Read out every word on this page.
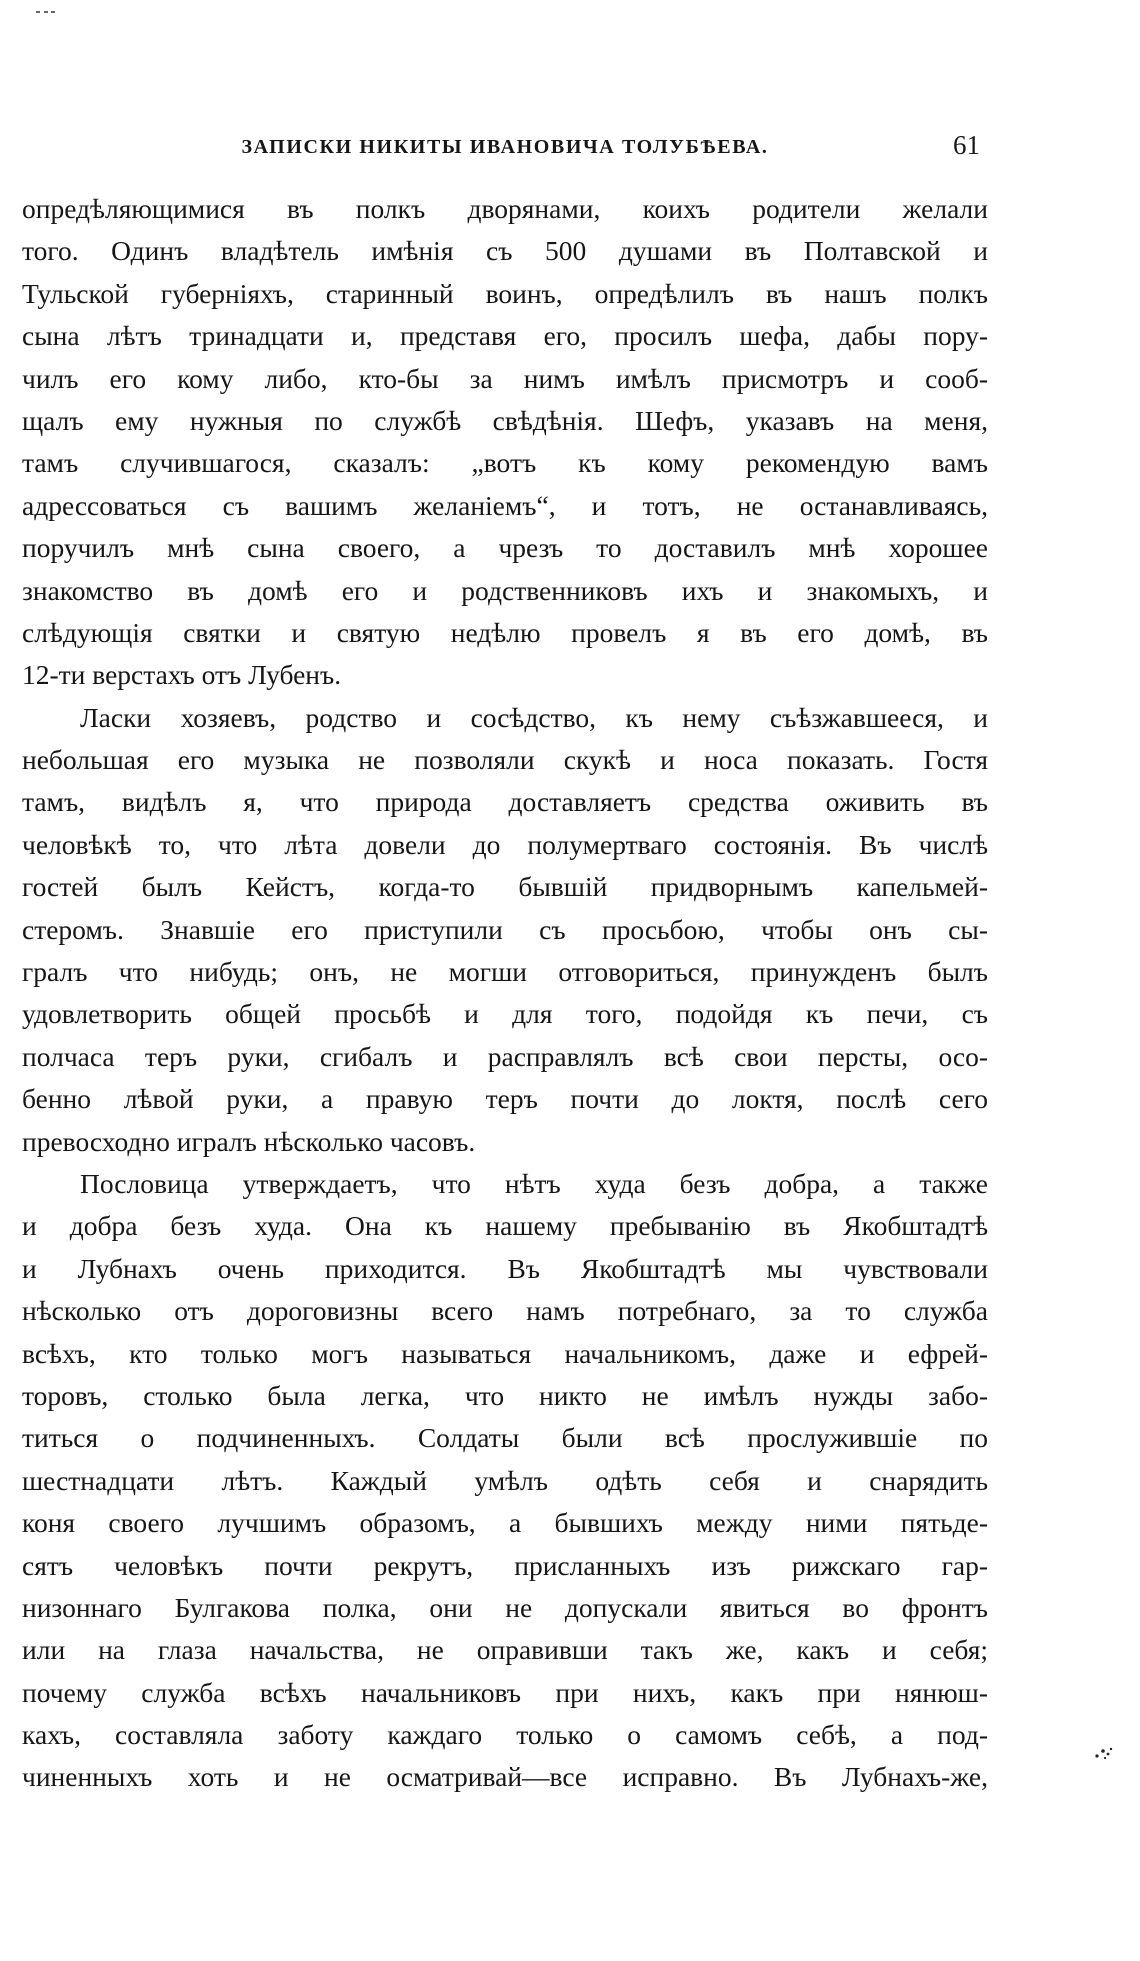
ЗАПИСКИ НИКИТЫ ИВАНОВИЧА ТОЛУБѢЕВА.	61
опредѣляющимися въ полкъ дворянами, коихъ родители желали
того. Одинъ владѣтель имѣнія съ 500 душами въ Полтавской и
Тульской губерніяхъ, старинный воинъ, опредѣлилъ въ нашъ полкъ
сына лѣтъ тринадцати и, представя его, просилъ шефа, дабы пору-
чилъ его кому либо, кто-бы за нимъ имѣлъ присмотръ и сооб-
щалъ ему нужныя по службѣ свѣдѣнія. Шефъ, указавъ на меня,
тамъ случившагося, сказалъ: „вотъ къ кому рекомендую вамъ
адрессоваться съ вашимъ желаніемъ“, и тотъ, не останавливаясь,
поручилъ мнѣ сына своего, а чрезъ то доставилъ мнѣ хорошее
знакомство въ домѣ его и родственниковъ ихъ и знакомыхъ, и
слѣдующія святки и святую недѣлю провелъ я въ его домѣ, въ
12-ти верстахъ отъ Лубенъ.
Ласки хозяевъ, родство и сосѣдство, къ нему съѣзжавшееся, и
небольшая его музыка не позволяли скукѣ и носа показать. Гостя
тамъ, видѣлъ я, что природа доставляетъ средства оживить въ
человѣкѣ то, что лѣта довели до полумертваго состоянія. Въ числѣ
гостей былъ Кейстъ, когда-то бывшій придворнымъ капельмей-
стеромъ. Знавшіе его приступили съ просьбою, чтобы онъ сы-
гралъ что нибудь; онъ, не могши отговориться, принужденъ былъ
удовлетворить общей просьбѣ и для того, подойдя къ печи, съ
полчаса теръ руки, сгибалъ и расправлялъ всѣ свои персты, осо-
бенно лѣвой руки, а правую теръ почти до локтя, послѣ сего
превосходно игралъ нѣсколько часовъ.
Пословица утверждаетъ, что нѣтъ худа безъ добра, а также
и добра безъ худа. Она къ нашему пребыванію въ Якобштадтѣ
и Лубнахъ очень приходится. Въ Якобштадтѣ мы чувствовали
нѣсколько отъ дороговизны всего намъ потребнаго, за то служба
всѣхъ, кто только могъ называться начальникомъ, даже и ефрей-
торовъ, столько была легка, что никто не имѣлъ нужды забо-
титься о подчиненныхъ. Солдаты были всѣ прослужившіе по
шестнадцати лѣтъ. Каждый умѣлъ одѣть себя и снарядить
коня своего лучшимъ образомъ, а бывшихъ между ними пятьде-
сятъ человѣкъ почти рекрутъ, присланныхъ изъ рижскаго гар-
низоннаго Булгакова полка, они не допускали явиться во фронтъ
или на глаза начальства, не оправивши такъ же, какъ и себя;
почему служба всѣхъ начальниковъ при нихъ, какъ при нянюш-
кахъ, составляла заботу каждаго только о самомъ себѣ, а под-
чиненныхъ хоть и не осматривай—все исправно. Въ Лубнахъ-же,
